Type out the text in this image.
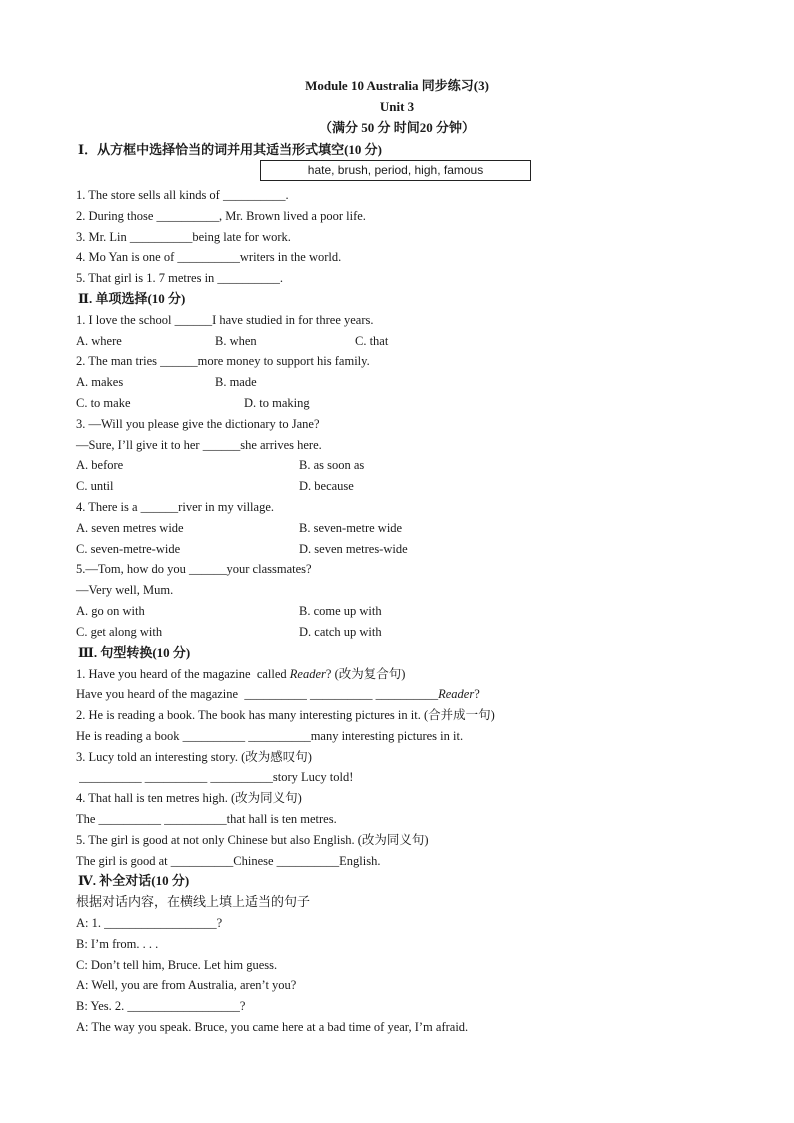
Module 10 Australia 同步练习(3)
Unit 3
（满分 50 分 时间20 分钟）
Ⅰ．从方框中选择恰当的词并用其适当形式填空(10 分)
hate, brush, period, high, famous
1. The store sells all kinds of __________.
2. During those __________, Mr. Brown lived a poor life.
3. Mr. Lin __________being late for work.
4. Mo Yan is one of __________writers in the world.
5. That girl is 1. 7 metres in __________.
Ⅱ. 单项选择(10 分)
1. I love the school ______I have studied in for three years.
A. where	B. when	C. that
2. The man tries ______more money to support his family.
A. makes	B. made
C. to make	D. to making
3. —Will you please give the dictionary to Jane?
—Sure, I’ll give it to her ______she arrives here.
A. before	B. as soon as
C. until	D. because
4. There is a ______river in my village.
A. seven metres wide	B. seven-metre wide
C. seven-metre-wide	D. seven metres-wide
5.—Tom, how do you ______your classmates?
—Very well, Mum.
A. go on with	B. come up with
C. get along with	D. catch up with
Ⅲ. 句型转换(10 分)
1. Have you heard of the magazine  called Reader? (改为复合句)
Have you heard of the magazine  __________ __________ __________Reader?
2. He is reading a book. The book has many interesting pictures in it. (合并成一句)
He is reading a book __________ __________many interesting pictures in it.
3. Lucy told an interesting story. (改为感叹句)
__________ __________ __________story Lucy told!
4. That hall is ten metres high. (改为同义句)
The __________ __________that hall is ten metres.
5. The girl is good at not only Chinese but also English. (改为同义句)
The girl is good at __________Chinese __________English.
Ⅳ. 补全对话(10 分)
根据对话内容，在横线上填上适当的句子
A: 1. __________________?
B: I’m from. . . .
C: Don’t tell him, Bruce. Let him guess.
A: Well, you are from Australia, aren’t you?
B: Yes. 2. __________________?
A: The way you speak. Bruce, you came here at a bad time of year, I’m afraid.
